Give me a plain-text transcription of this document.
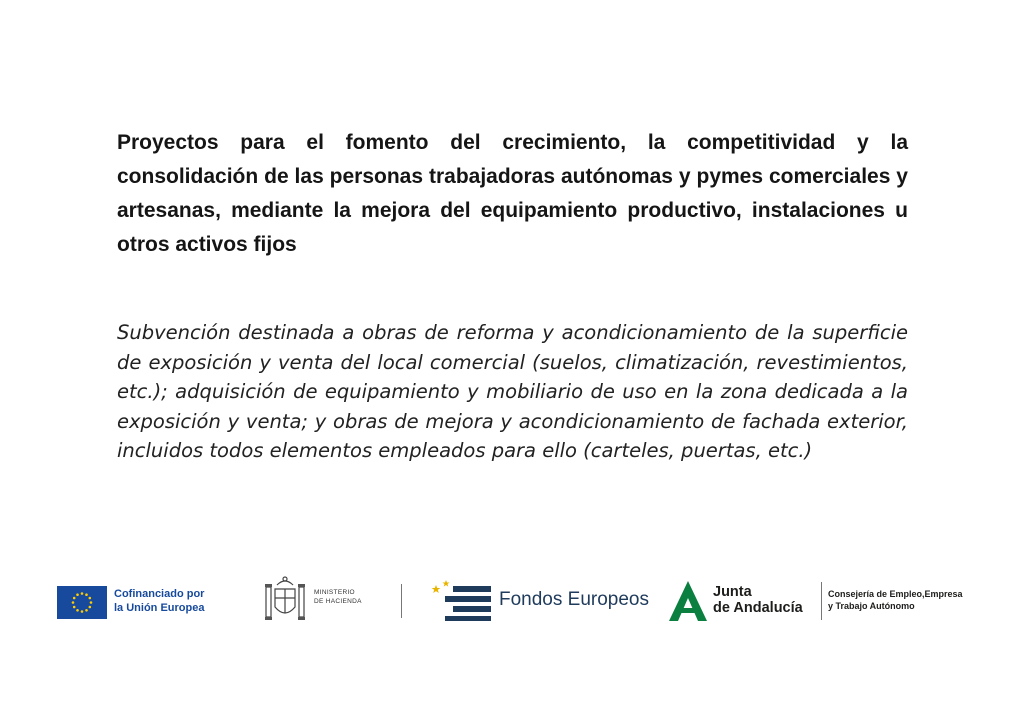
Proyectos para el fomento del crecimiento, la competitividad y la consolidación de las personas trabajadoras autónomas y pymes comerciales y artesanas, mediante la mejora del equipamiento productivo, instalaciones u otros activos fijos

Subvención destinada a obras de reforma y acondicionamiento de la superficie de exposición y venta del local comercial (suelos, climatización, revestimientos, etc.); adquisición de equipamiento y mobiliario de uso en la zona dedicada a la exposición y venta; y obras de mejora y acondicionamiento de fachada exterior, incluidos todos elementos empleados para ello (carteles, puertas, etc.)

Cofinanciado por
la Unión Europea
MINISTERIO
DE HACIENDA	Fondos Europeos	Junta
de Andalucía
Consejería de Empleo,Empresa
y Trabajo Autónomo
